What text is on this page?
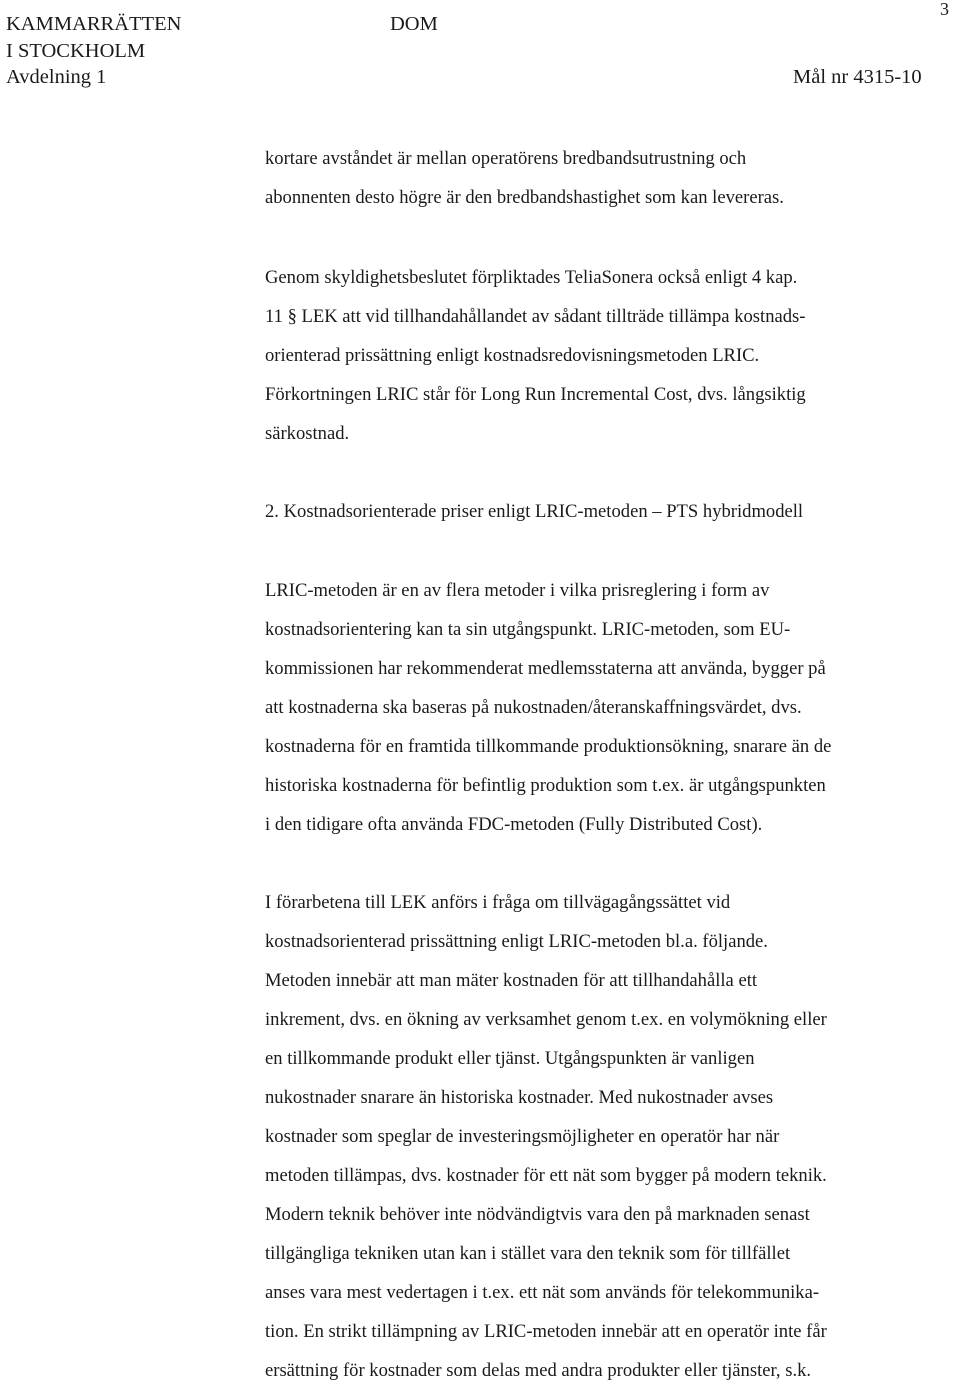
KAMMARRÄTTEN
I STOCKHOLM
Avdelning 1
DOM
3
Mål nr 4315-10

kortare avståndet är mellan operatörens bredbandsutrustning och

abonnenten desto högre är den bredbandshastighet som kan levereras.

Genom skyldighetsbeslutet förpliktades TeliaSonera också enligt 4 kap.

11 § LEK att vid tillhandahållandet av sådant tillträde tillämpa kostnads-

orienterad prissättning enligt kostnadsredovisningsmetoden LRIC.

Förkortningen LRIC står för Long Run Incremental Cost, dvs. långsiktig

särkostnad.

2. Kostnadsorienterade priser enligt LRIC-metoden – PTS hybridmodell

LRIC-metoden är en av flera metoder i vilka prisreglering i form av

kostnadsorientering kan ta sin utgångspunkt. LRIC-metoden, som EU-

kommissionen har rekommenderat medlemsstaterna att använda, bygger på

att kostnaderna ska baseras på nukostnaden/återanskaffningsvärdet, dvs.

kostnaderna för en framtida tillkommande produktionsökning, snarare än de

historiska kostnaderna för befintlig produktion som t.ex. är utgångspunkten

i den tidigare ofta använda FDC-metoden (Fully Distributed Cost).

I förarbetena till LEK anförs i fråga om tillvägagångssättet vid

kostnadsorienterad prissättning enligt LRIC-metoden bl.a. följande.

Metoden innebär att man mäter kostnaden för att tillhandahålla ett

inkrement, dvs. en ökning av verksamhet genom t.ex. en volymökning eller

en tillkommande produkt eller tjänst. Utgångspunkten är vanligen

nukostnader snarare än historiska kostnader. Med nukostnader avses

kostnader som speglar de investeringsmöjligheter en operatör har när

metoden tillämpas, dvs. kostnader för ett nät som bygger på modern teknik.

Modern teknik behöver inte nödvändigtvis vara den på marknaden senast

tillgängliga tekniken utan kan i stället vara den teknik som för tillfället

anses vara mest vedertagen i t.ex. ett nät som används för telekommunika-

tion. En strikt tillämpning av LRIC-metoden innebär att en operatör inte får

ersättning för kostnader som delas med andra produkter eller tjänster, s.k.
